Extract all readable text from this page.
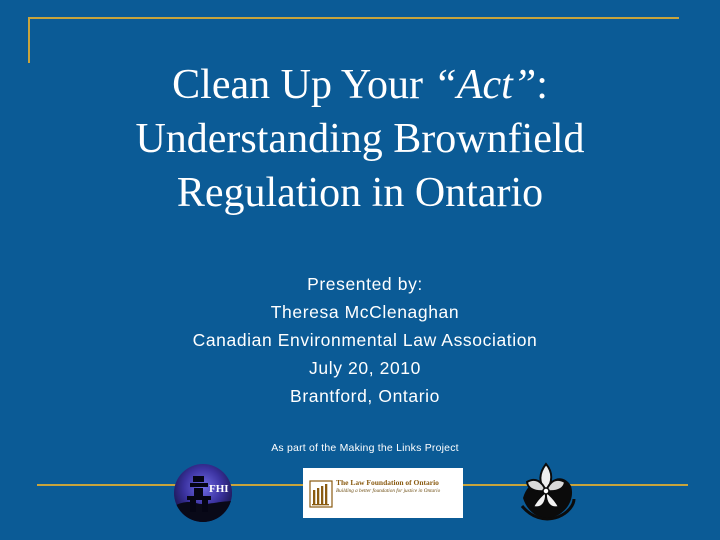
Clean Up Your “Act”:
Understanding Brownfield
Regulation in Ontario
Presented by:
Theresa McClenaghan
Canadian Environmental Law Association
July 20, 2010
Brantford, Ontario
As part of the Making the Links Project
FHI
The Law Foundation of Ontario
Building a better foundation for justice in Ontario
